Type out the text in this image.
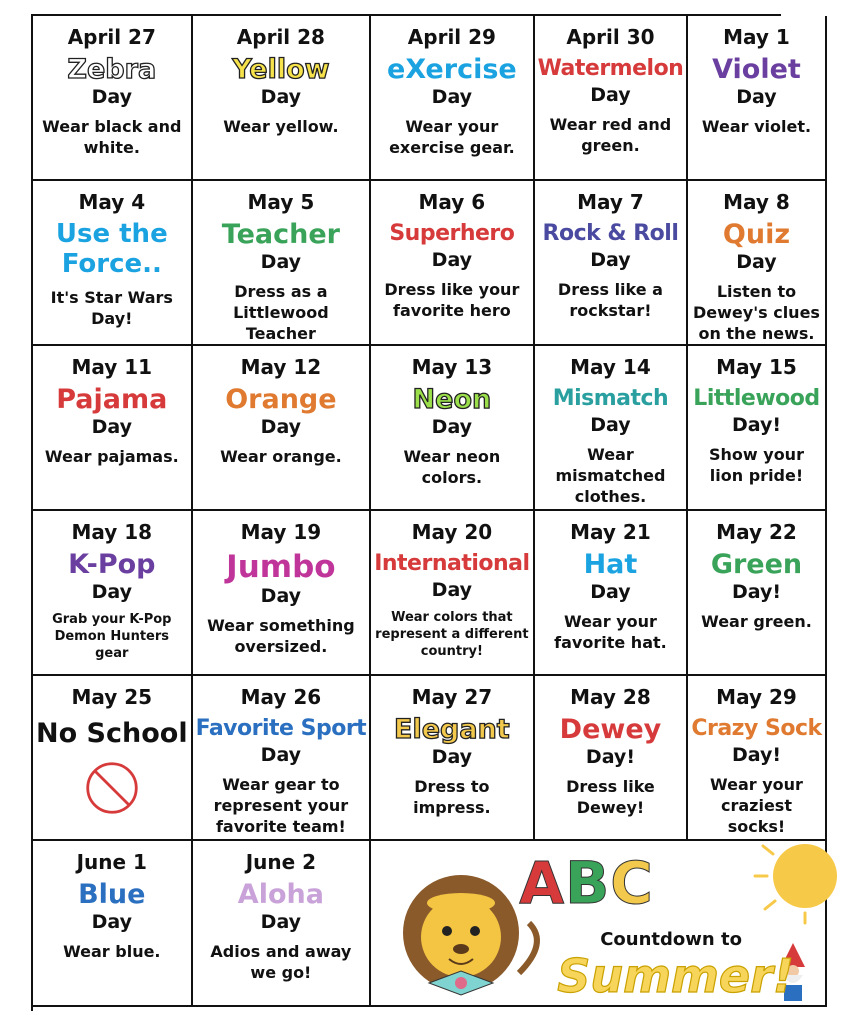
April 27
Zebra
Day
Wear black and white.
April 28
Yellow
Day
Wear yellow.
April 29
eXercise
Day
Wear your exercise gear.
April 30
Watermelon
Day
Wear red and green.
May 1
Violet
Day
Wear violet.
May 4
Use the Force..
It's Star Wars Day!
May 5
Teacher
Day
Dress as a Littlewood Teacher
May 6
Superhero
Day
Dress like your favorite hero
May 7
Rock & Roll
Day
Dress like a rockstar!
May 8
Quiz
Day
Listen to Dewey's clues on the news.
May 11
Pajama
Day
Wear pajamas.
May 12
Orange
Day
Wear orange.
May 13
Neon
Day
Wear neon colors.
May 14
Mismatch
Day
Wear mismatched clothes.
May 15
Littlewood
Day!
Show your lion pride!
May 18
K-Pop
Day
Grab your K-Pop Demon Hunters gear
May 19
Jumbo
Day
Wear something oversized.
May 20
International
Day
Wear colors that represent a different country!
May 21
Hat
Day
Wear your favorite hat.
May 22
Green
Day!
Wear green.
May 25
No School
May 26
Favorite Sport
Day
Wear gear to represent your favorite team!
May 27
Elegant
Day
Dress to impress.
May 28
Dewey
Day!
Dress like Dewey!
May 29
Crazy Sock
Day!
Wear your craziest socks!
June 1
Blue
Day
Wear blue.
June 2
Aloha
Day
Adios and away we go!
ABC
Countdown to
Summer!
